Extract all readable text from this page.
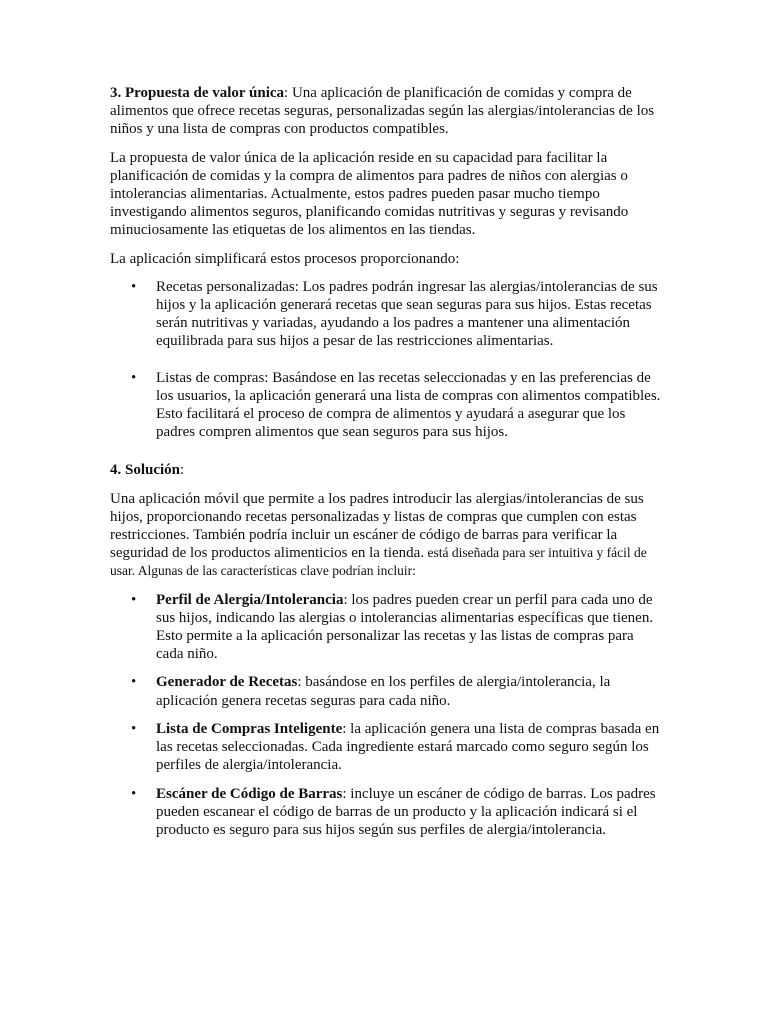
3. Propuesta de valor única: Una aplicación de planificación de comidas y compra de alimentos que ofrece recetas seguras, personalizadas según las alergias/intolerancias de los niños y una lista de compras con productos compatibles.

La propuesta de valor única de la aplicación reside en su capacidad para facilitar la planificación de comidas y la compra de alimentos para padres de niños con alergias o intolerancias alimentarias. Actualmente, estos padres pueden pasar mucho tiempo investigando alimentos seguros, planificando comidas nutritivas y seguras y revisando minuciosamente las etiquetas de los alimentos en las tiendas.

La aplicación simplificará estos procesos proporcionando:

• Recetas personalizadas: Los padres podrán ingresar las alergias/intolerancias de sus hijos y la aplicación generará recetas que sean seguras para sus hijos. Estas recetas serán nutritivas y variadas, ayudando a los padres a mantener una alimentación equilibrada para sus hijos a pesar de las restricciones alimentarias.
• Listas de compras: Basándose en las recetas seleccionadas y en las preferencias de los usuarios, la aplicación generará una lista de compras con alimentos compatibles. Esto facilitará el proceso de compra de alimentos y ayudará a asegurar que los padres compren alimentos que sean seguros para sus hijos.

4. Solución:

Una aplicación móvil que permite a los padres introducir las alergias/intolerancias de sus hijos, proporcionando recetas personalizadas y listas de compras que cumplen con estas restricciones. También podría incluir un escáner de código de barras para verificar la seguridad de los productos alimenticios en la tienda. está diseñada para ser intuitiva y fácil de usar. Algunas de las características clave podrían incluir:

• Perfil de Alergia/Intolerancia: los padres pueden crear un perfil para cada uno de sus hijos, indicando las alergias o intolerancias alimentarias específicas que tienen. Esto permite a la aplicación personalizar las recetas y las listas de compras para cada niño.
• Generador de Recetas: basándose en los perfiles de alergia/intolerancia, la aplicación genera recetas seguras para cada niño.
• Lista de Compras Inteligente: la aplicación genera una lista de compras basada en las recetas seleccionadas. Cada ingrediente estará marcado como seguro según los perfiles de alergia/intolerancia.
• Escáner de Código de Barras: incluye un escáner de código de barras. Los padres pueden escanear el código de barras de un producto y la aplicación indicará si el producto es seguro para sus hijos según sus perfiles de alergia/intolerancia.
